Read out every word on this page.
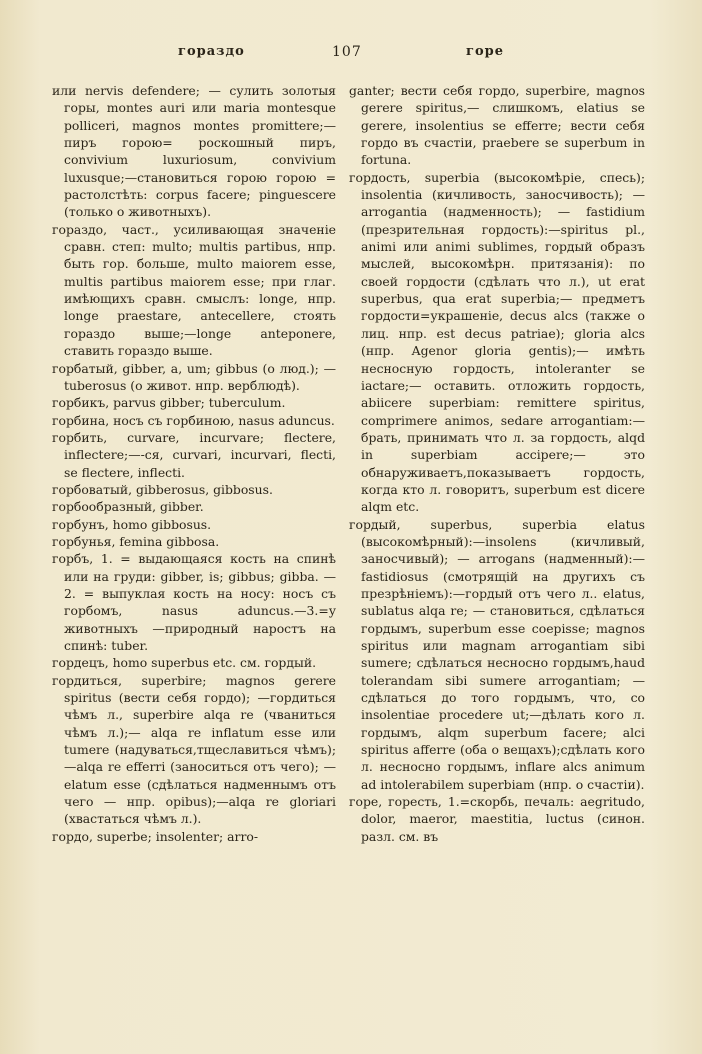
гораздо	107	горе

или nervis defendere; — сулить золотыя горы, montes auri или maria montesque polliceri, magnos montes promittere;—пиръ горою= роскошный пиръ, convivium luxuriosum, convivium luxusque;—становиться горою горою = растолстѣть: corpus facere; pinguescere (только о животныхъ).

гораздо, част., усиливающая значенiе сравн. степ: multo; multis partibus, нпр. быть гор. больше, multo maiorem esse, multis partibus maiorem esse; при глаг. имѣющихъ сравн. смыслъ: longe, нпр. longe praestare, antecellere, стоять гораздо выше;—longe anteponere, ставить гораздо выше.

горбатый, gibber, a, um; gibbus (о люд.); — tuberosus (о живот. нпр. верблюдѣ).

горбикъ, parvus gibber; tuberculum.

горбина, носъ съ горбиною, nasus aduncus.

горбить, curvare, incurvare; flectere, inflectere;—-ся, curvari, incurvari, flecti, se flectere, inflecti.

горбоватый, gibberosus, gibbosus.

горбообразный, gibber.

горбунъ, homo gibbosus.

горбунья, femina gibbosa.

горбъ, 1. = выдающаяся кость на спинѣ или на груди: gibber, is; gibbus; gibba. — 2. = выпуклая кость на носу: носъ съ горбомъ, nasus aduncus.—3.=у животныхъ —природный наростъ на спинѣ: tuber.

гордецъ, homo superbus etc. см. гордый.

гордиться, superbire; magnos gerere spiritus (вести себя гордо); —гордиться чѣмъ л., superbire alqa re (чваниться чѣмъ л.);— alqa re inflatum esse или tumere (надуваться,тщеславиться чѣмъ); —alqa re efferri (заноситься отъ чего); — elatum esse (сдѣлаться надменнымъ отъ чего — нпр. opibus);—alqa re gloriari (хвастаться чѣмъ л.).

гордо, superbe; insolenter; arro-

ganter; вести себя гордо, superbire, magnos gerere spiritus,— слишкомъ, elatius se gerere, insolentius se efferre; вести себя гордо въ счастiи, praebere se superbum in fortuna.

гордость, superbia (высокомѣрiе, спесь); insolentia (кичливость, заносчивость); — arrogantia (надменность); — fastidium (презрительная гордость):—spiritus pl., animi или animi sublimes, гордый образъ мыслей, высокомѣрн. притязанiя): по своей гордости (сдѣлать что л.), ut erat superbus, qua erat superbia;— предметъ гордости=украшенiе, decus alcs (также о лиц. нпр. est decus patriae); gloria alcs (нпр. Agenor gloria gentis);— имѣть несносную гордость, intoleranter se iactare;— оставить. отложить гордость, abiicere superbiam: remittere spiritus, comprimere animos, sedare arrogantiam:—брать, принимать что л. за гордость, alqd in superbiam accipere;— это обнаруживаетъ,показываетъ гордость, когда кто л. говоритъ, superbum est dicere alqm etc.

гордый, superbus, superbia elatus (высокомѣрный):—insolens (кичливый, заносчивый); — arrogans (надменный):—fastidiosus (смотрящiй на другихъ съ презрѣнiемъ):—гордый отъ чего л.. elatus, sublatus alqa re; — становиться, сдѣлаться гордымъ, superbum esse coepisse; magnos spiritus или magnam arrogantiam sibi sumere; сдѣлаться несносно гордымъ,haud tolerandam sibi sumere arrogantiam; — сдѣлаться до того гордымъ, что, со insolentiae procedere ut;—дѣлать кого л. гордымъ, alqm superbum facere; alci spiritus afferre (оба о вещахъ);сдѣлать кого л. несносно гордымъ, inflare alcs animum ad intolerabilem superbiam (нпр. о счастiи).

горе, горесть, 1.=скорбь, печаль: aegritudo, dolor, maeror, maestitia, luctus (синон. разл. см. въ
